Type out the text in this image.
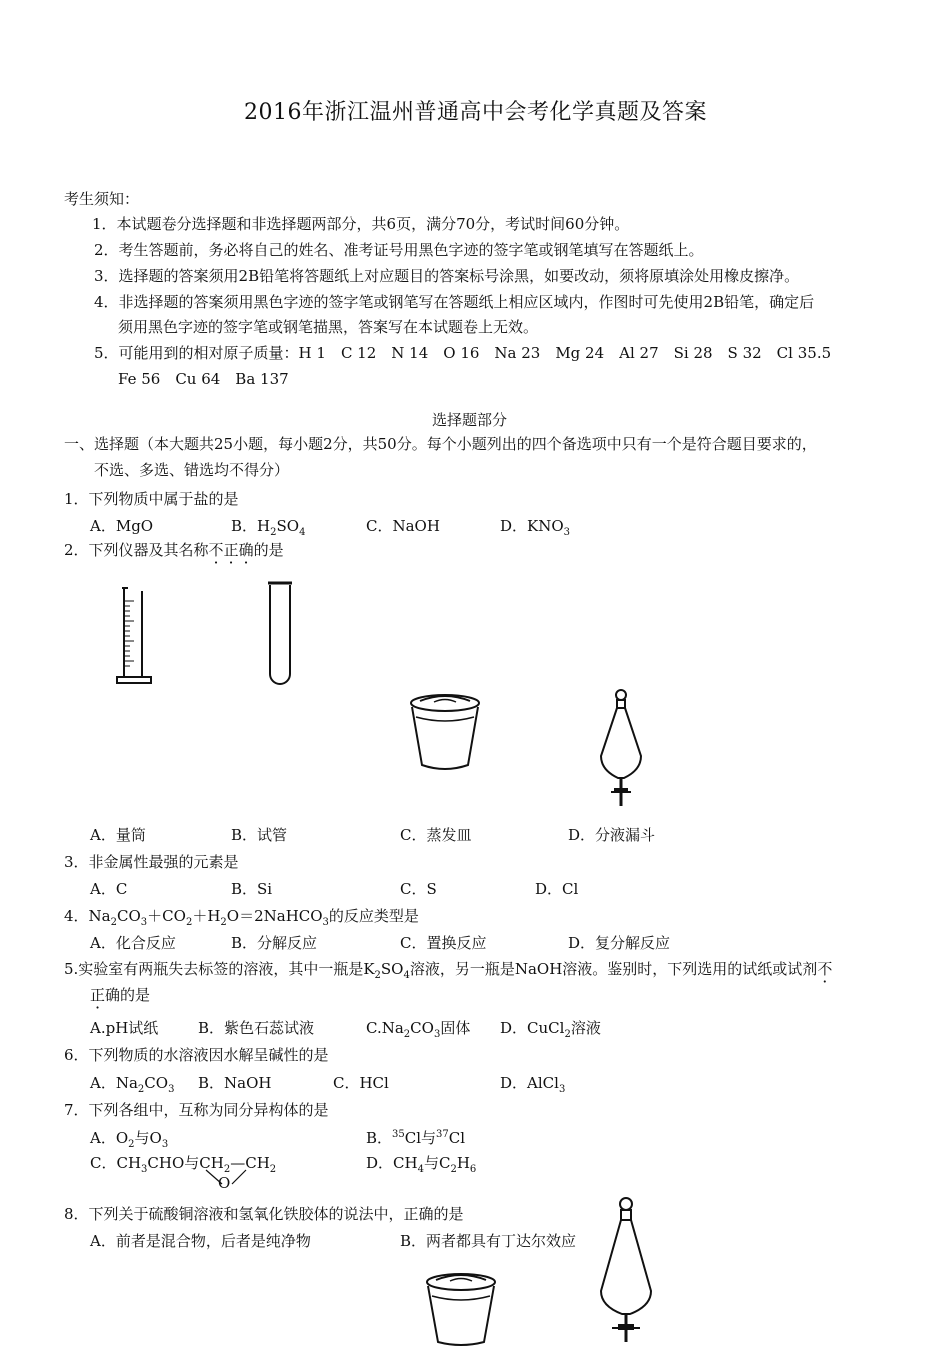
2016年浙江温州普通高中会考化学真题及答案
考生须知：
1．本试题卷分选择题和非选择题两部分，共6页，满分70分，考试时间60分钟。
2．考生答题前，务必将自己的姓名、准考证号用黑色字迹的签字笔或钢笔填写在答题纸上。
3．选择题的答案须用2B铅笔将答题纸上对应题目的答案标号涂黑，如要改动，须将原填涂处用橡皮擦净。
4．非选择题的答案须用黑色字迹的签字笔或钢笔写在答题纸上相应区域内，作图时可先使用2B铅笔，确定后
须用黑色字迹的签字笔或钢笔描黑，答案写在本试题卷上无效。
5．可能用到的相对原子质量：H 1　C 12　N 14　O 16　Na 23　Mg 24　Al 27　Si 28　S 32　Cl 35.5
Fe 56　Cu 64　Ba 137
选择题部分
一、选择题（本大题共25小题，每小题2分，共50分。每个小题列出的四个备选项中只有一个是符合题目要求的，
不选、多选、错选均不得分）
1．下列物质中属于盐的是
A．MgO	B．$H_2SO_4$	C．NaOH	D．$KNO_3$
2．下列仪器及其名称不正确的是
A．量筒	B．试管	C．蒸发皿	D．分液漏斗
3．非金属性最强的元素是
A．C	B．Si	C．S	D．Cl
4．$Na_2CO_3+CO_2+H_2O=2NaHCO_3$的反应类型是
A．化合反应	B．分解反应	C．置换反应	D．复分解反应
5.实验室有两瓶失去标签的溶液，其中一瓶是$K_2SO_4$溶液，另一瓶是NaOH溶液。鉴别时，下列选用的试纸或试剂不
正确的是
A.pH试纸	B．紫色石蕊试液	$C.Na_2CO_3$固体 D．CuCl$_2$溶液
6．下列物质的水溶液因水解呈碱性的是
A．$Na_2CO_3$ B．NaOH	C．HCl	D．AlCl$_3$
7．下列各组中，互称为同分异构体的是
A．$O_2$与$O_3$	B．$^{35}$Cl与$^{37}$Cl
C．$CH_3CHO$与$CH_2—CH_2$
O
D．$CH_4$与$C_2H_6$
8．下列关于硫酸铜溶液和氢氧化铁胶体的说法中，正确的是
A．前者是混合物，后者是纯净物	B．两者都具有丁达尔效应
